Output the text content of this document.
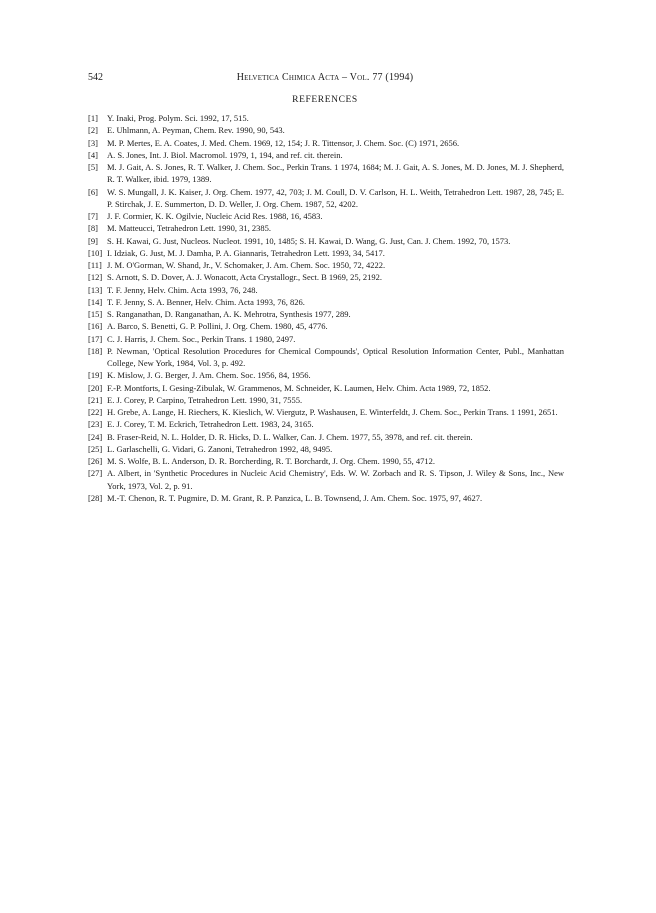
542	Helvetica Chimica Acta – Vol. 77 (1994)
REFERENCES
[1] Y. Inaki, Prog. Polym. Sci. 1992, 17, 515.
[2] E. Uhlmann, A. Peyman, Chem. Rev. 1990, 90, 543.
[3] M. P. Mertes, E. A. Coates, J. Med. Chem. 1969, 12, 154; J. R. Tittensor, J. Chem. Soc. (C) 1971, 2656.
[4] A. S. Jones, Int. J. Biol. Macromol. 1979, 1, 194, and ref. cit. therein.
[5] M. J. Gait, A. S. Jones, R. T. Walker, J. Chem. Soc., Perkin Trans. 1 1974, 1684; M. J. Gait, A. S. Jones, M. D. Jones, M. J. Shepherd, R. T. Walker, ibid. 1979, 1389.
[6] W. S. Mungall, J. K. Kaiser, J. Org. Chem. 1977, 42, 703; J. M. Coull, D. V. Carlson, H. L. Weith, Tetrahedron Lett. 1987, 28, 745; E. P. Stirchak, J. E. Summerton, D. D. Weller, J. Org. Chem. 1987, 52, 4202.
[7] J. F. Cormier, K. K. Ogilvie, Nucleic Acid Res. 1988, 16, 4583.
[8] M. Matteucci, Tetrahedron Lett. 1990, 31, 2385.
[9] S. H. Kawai, G. Just, Nucleos. Nucleot. 1991, 10, 1485; S. H. Kawai, D. Wang, G. Just, Can. J. Chem. 1992, 70, 1573.
[10] I. Idziak, G. Just, M. J. Damha, P. A. Giannaris, Tetrahedron Lett. 1993, 34, 5417.
[11] J. M. O'Gorman, W. Shand, Jr., V. Schomaker, J. Am. Chem. Soc. 1950, 72, 4222.
[12] S. Arnott, S. D. Dover, A. J. Wonacott, Acta Crystallogr., Sect. B 1969, 25, 2192.
[13] T. F. Jenny, Helv. Chim. Acta 1993, 76, 248.
[14] T. F. Jenny, S. A. Benner, Helv. Chim. Acta 1993, 76, 826.
[15] S. Ranganathan, D. Ranganathan, A. K. Mehrotra, Synthesis 1977, 289.
[16] A. Barco, S. Benetti, G. P. Pollini, J. Org. Chem. 1980, 45, 4776.
[17] C. J. Harris, J. Chem. Soc., Perkin Trans. 1 1980, 2497.
[18] P. Newman, 'Optical Resolution Procedures for Chemical Compounds', Optical Resolution Information Center, Publ., Manhattan College, New York, 1984, Vol. 3, p. 492.
[19] K. Mislow, J. G. Berger, J. Am. Chem. Soc. 1956, 84, 1956.
[20] F.-P. Montforts, I. Gesing-Zibulak, W. Grammenos, M. Schneider, K. Laumen, Helv. Chim. Acta 1989, 72, 1852.
[21] E. J. Corey, P. Carpino, Tetrahedron Lett. 1990, 31, 7555.
[22] H. Grebe, A. Lange, H. Riechers, K. Kieslich, W. Viergutz, P. Washausen, E. Winterfeldt, J. Chem. Soc., Perkin Trans. 1 1991, 2651.
[23] E. J. Corey, T. M. Eckrich, Tetrahedron Lett. 1983, 24, 3165.
[24] B. Fraser-Reid, N. L. Holder, D. R. Hicks, D. L. Walker, Can. J. Chem. 1977, 55, 3978, and ref. cit. therein.
[25] L. Garlaschelli, G. Vidari, G. Zanoni, Tetrahedron 1992, 48, 9495.
[26] M. S. Wolfe, B. L. Anderson, D. R. Borcherding, R. T. Borchardt, J. Org. Chem. 1990, 55, 4712.
[27] A. Albert, in 'Synthetic Procedures in Nucleic Acid Chemistry', Eds. W. W. Zorbach and R. S. Tipson, J. Wiley & Sons, Inc., New York, 1973, Vol. 2, p. 91.
[28] M.-T. Chenon, R. T. Pugmire, D. M. Grant, R. P. Panzica, L. B. Townsend, J. Am. Chem. Soc. 1975, 97, 4627.
